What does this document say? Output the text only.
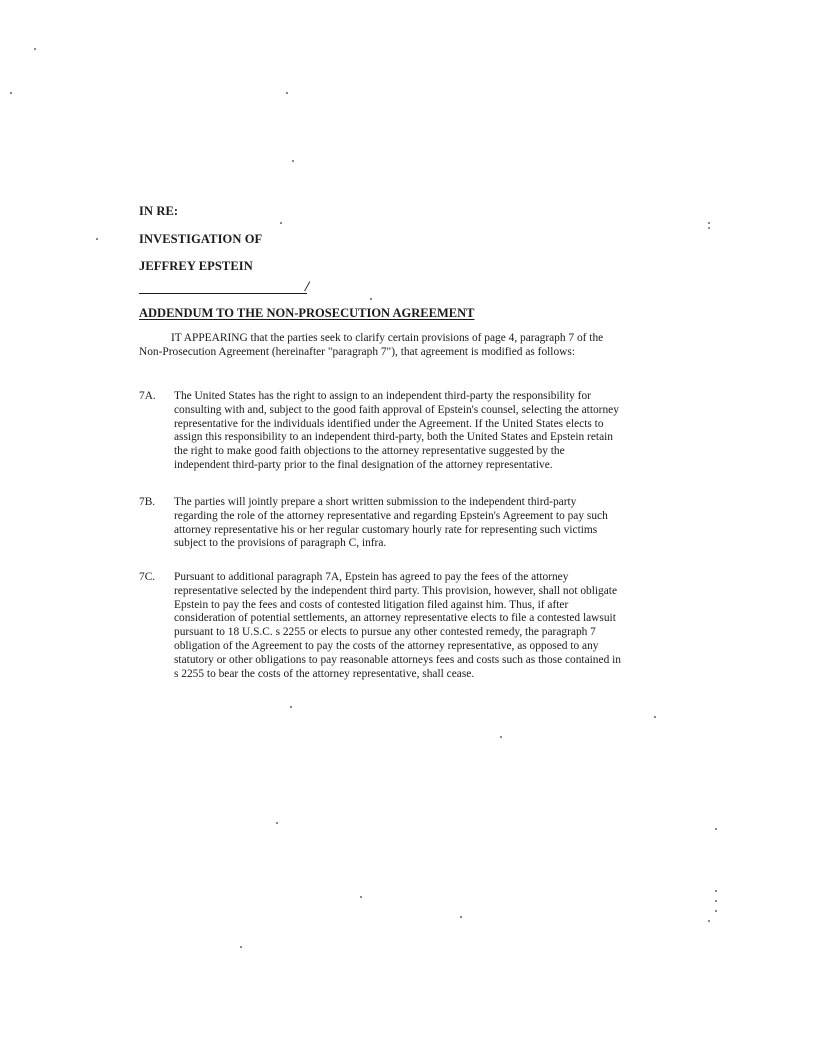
IN RE:
INVESTIGATION OF
JEFFREY EPSTEIN
/
ADDENDUM TO THE NON-PROSECUTION AGREEMENT

IT APPEARING that the parties seek to clarify certain provisions of page 4, paragraph 7 of the Non-Prosecution Agreement (hereinafter "paragraph 7"), that agreement is modified as follows:

7A.	The United States has the right to assign to an independent third-party the responsibility for consulting with and, subject to the good faith approval of Epstein's counsel, selecting the attorney representative for the individuals identified under the Agreement. If the United States elects to assign this responsibility to an independent third-party, both the United States and Epstein retain the right to make good faith objections to the attorney representative suggested by the independent third-party prior to the final designation of the attorney representative.

7B.	The parties will jointly prepare a short written submission to the independent third-party regarding the role of the attorney representative and regarding Epstein's Agreement to pay such attorney representative his or her regular customary hourly rate for representing such victims subject to the provisions of paragraph C, infra.

7C.	Pursuant to additional paragraph 7A, Epstein has agreed to pay the fees of the attorney representative selected by the independent third party. This provision, however, shall not obligate Epstein to pay the fees and costs of contested litigation filed against him. Thus, if after consideration of potential settlements, an attorney representative elects to file a contested lawsuit pursuant to 18 U.S.C. s 2255 or elects to pursue any other contested remedy, the paragraph 7 obligation of the Agreement to pay the costs of the attorney representative, as opposed to any statutory or other obligations to pay reasonable attorneys fees and costs such as those contained in s 2255 to bear the costs of the attorney representative, shall cease.
